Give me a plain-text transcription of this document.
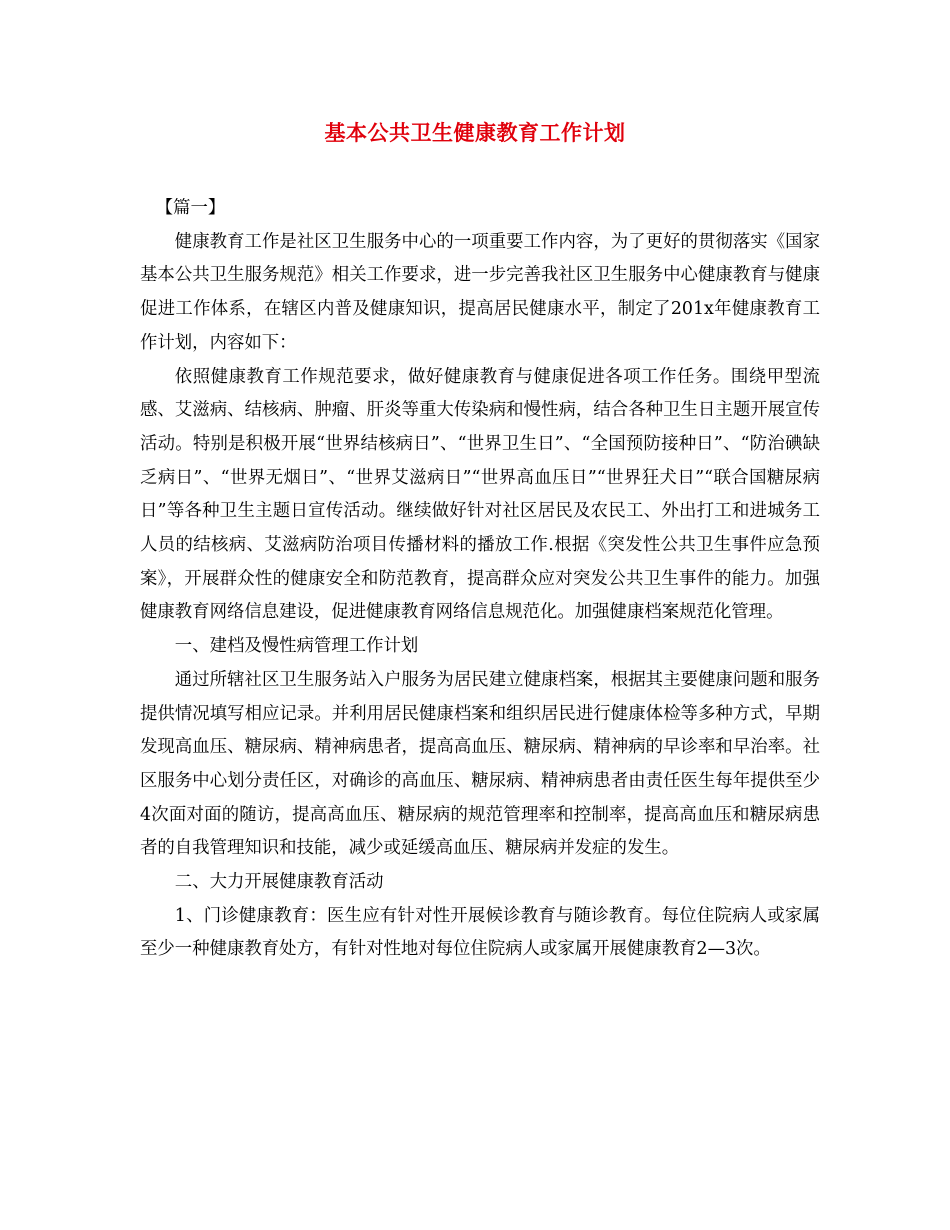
基本公共卫生健康教育工作计划

【篇一】

健康教育工作是社区卫生服务中心的一项重要工作内容，为了更好的贯彻落实《国家基本公共卫生服务规范》相关工作要求，进一步完善我社区卫生服务中心健康教育与健康促进工作体系，在辖区内普及健康知识，提高居民健康水平，制定了201x年健康教育工作计划，内容如下：

依照健康教育工作规范要求，做好健康教育与健康促进各项工作任务。围绕甲型流感、艾滋病、结核病、肿瘤、肝炎等重大传染病和慢性病，结合各种卫生日主题开展宣传活动。特别是积极开展“世界结核病日”、“世界卫生日”、“全国预防接种日”、“防治碘缺乏病日”、“世界无烟日”、“世界艾滋病日”“世界高血压日”“世界狂犬日”“联合国糖尿病日”等各种卫生主题日宣传活动。继续做好针对社区居民及农民工、外出打工和进城务工人员的结核病、艾滋病防治项目传播材料的播放工作.根据《突发性公共卫生事件应急预案》，开展群众性的健康安全和防范教育，提高群众应对突发公共卫生事件的能力。加强健康教育网络信息建设，促进健康教育网络信息规范化。加强健康档案规范化管理。

一、建档及慢性病管理工作计划

通过所辖社区卫生服务站入户服务为居民建立健康档案，根据其主要健康问题和服务提供情况填写相应记录。并利用居民健康档案和组织居民进行健康体检等多种方式，早期发现高血压、糖尿病、精神病患者，提高高血压、糖尿病、精神病的早诊率和早治率。社区服务中心划分责任区，对确诊的高血压、糖尿病、精神病患者由责任医生每年提供至少4次面对面的随访，提高高血压、糖尿病的规范管理率和控制率，提高高血压和糖尿病患者的自我管理知识和技能，减少或延缓高血压、糖尿病并发症的发生。

二、大力开展健康教育活动

1、门诊健康教育：医生应有针对性开展候诊教育与随诊教育。每位住院病人或家属至少一种健康教育处方，有针对性地对每位住院病人或家属开展健康教育2—3次。
